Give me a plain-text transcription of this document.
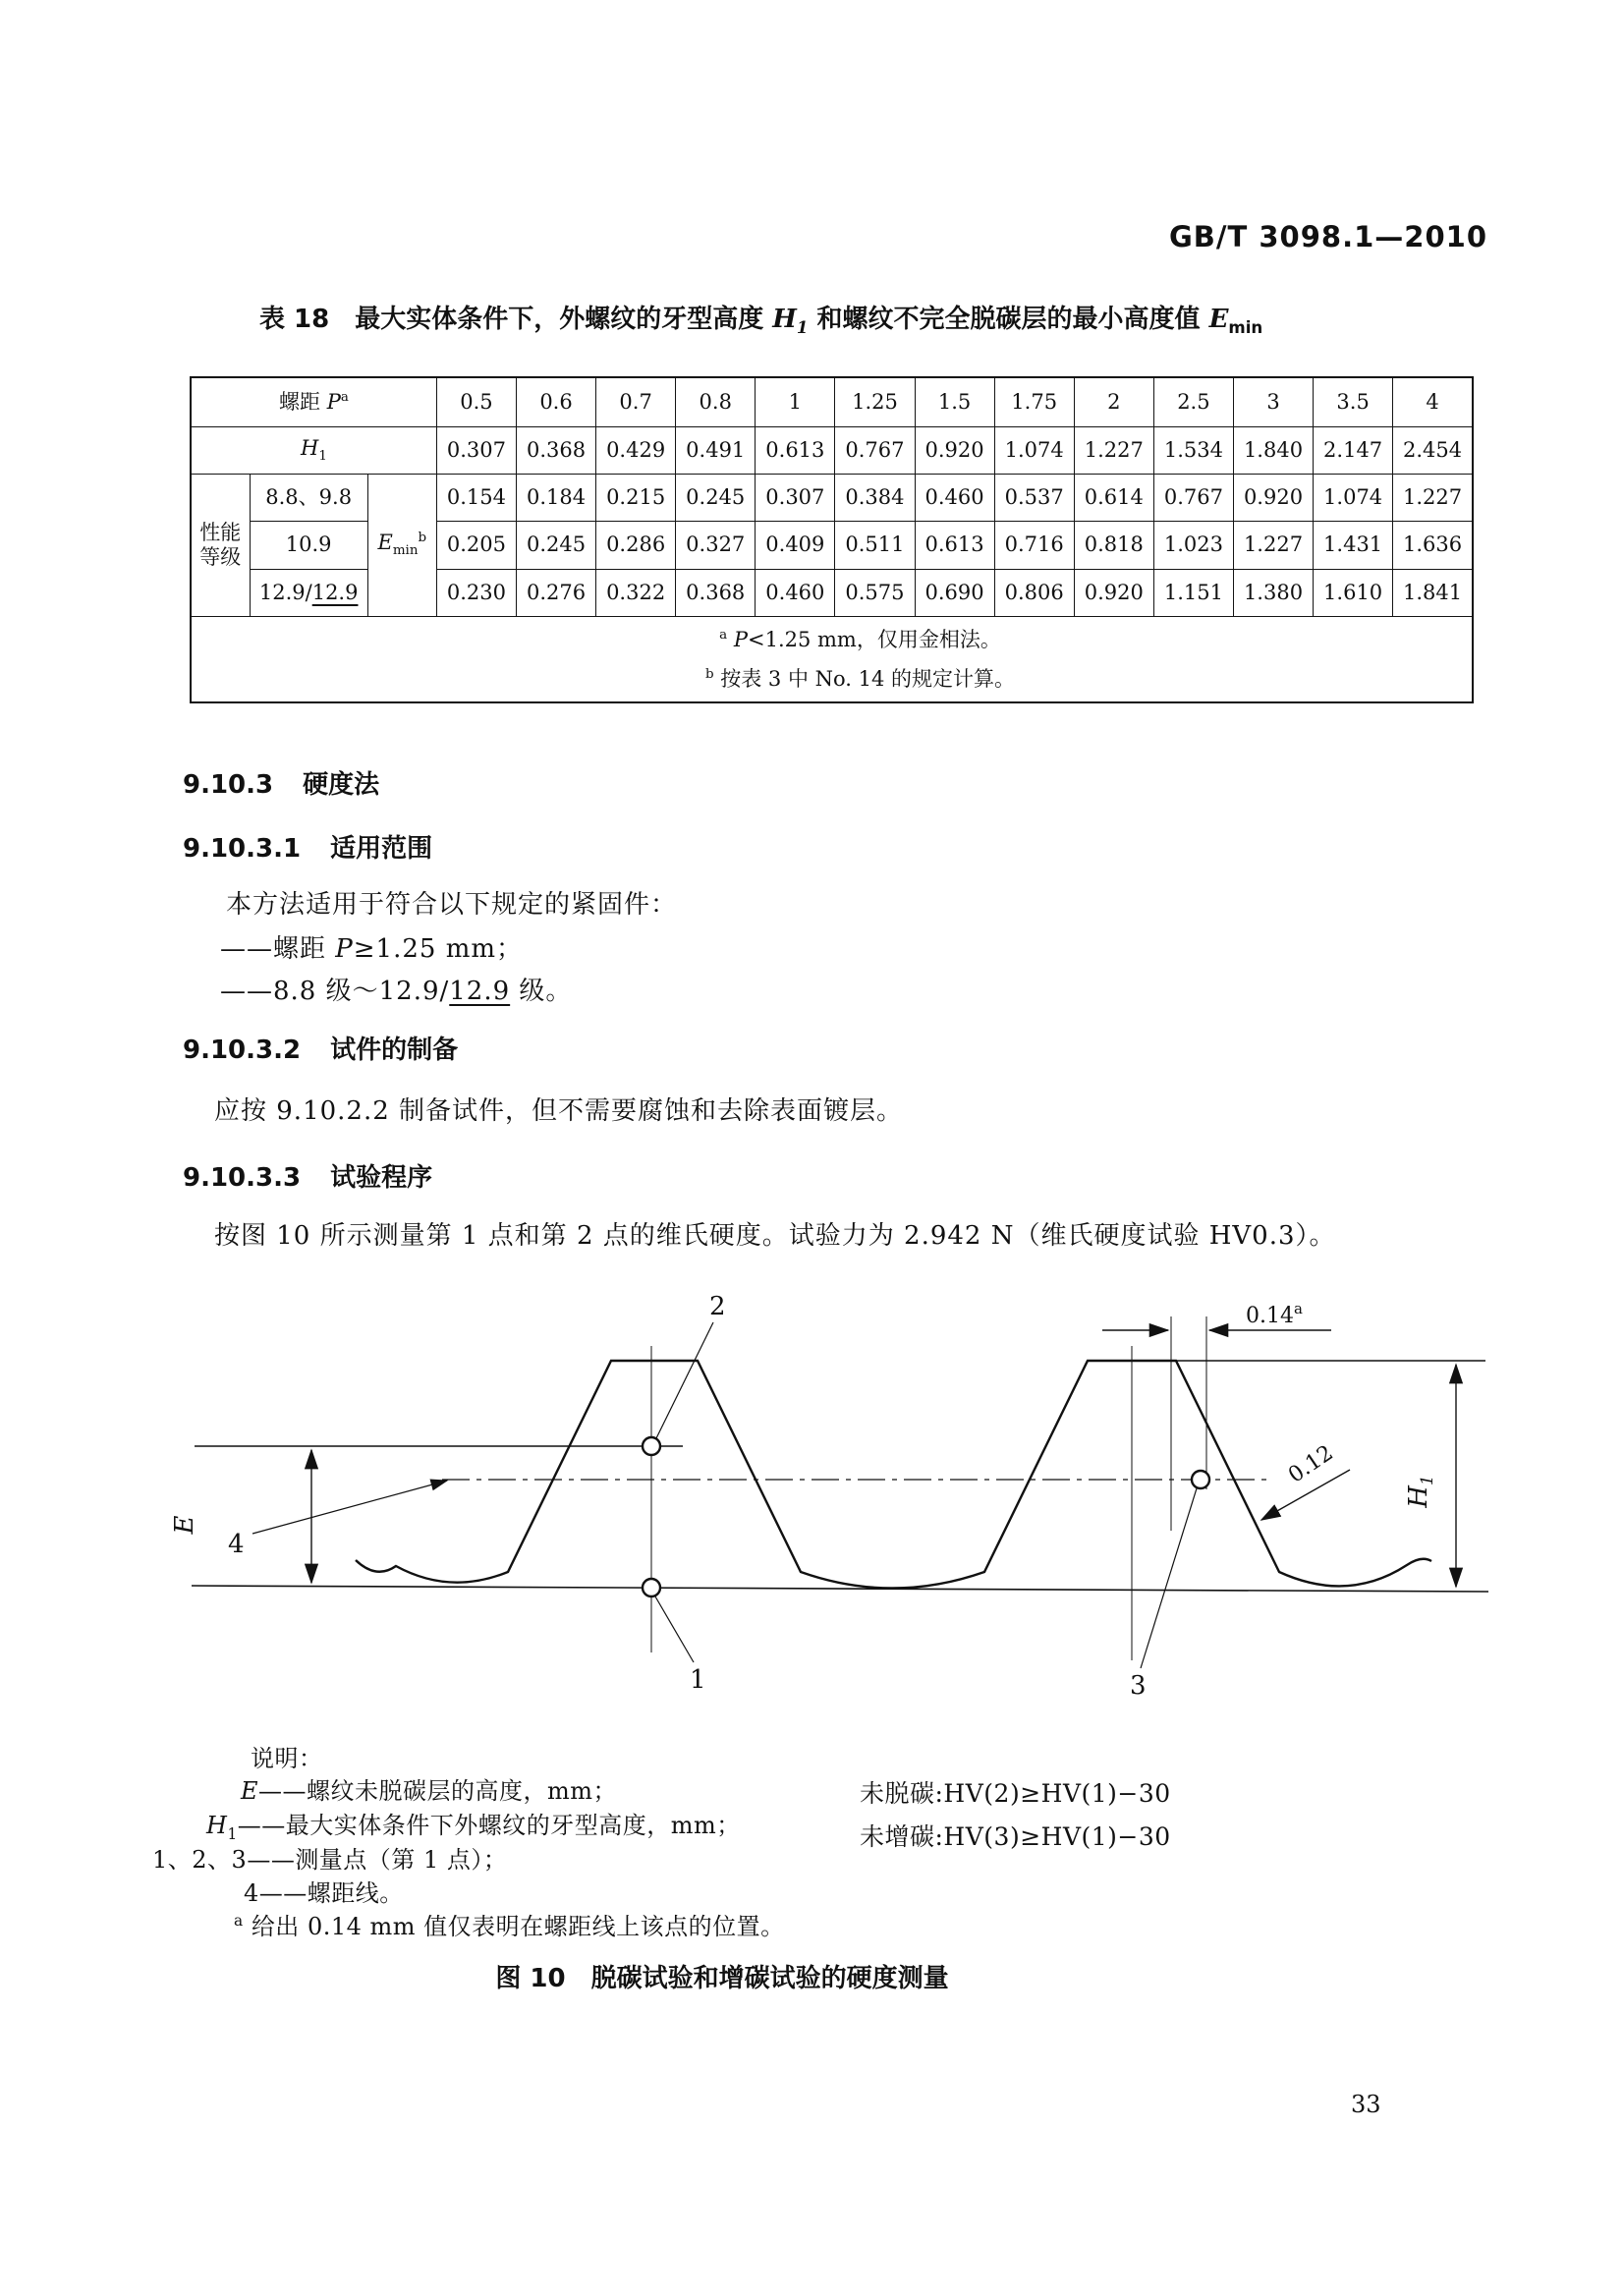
GB/T 3098.1—2010
表 18 最大实体条件下，外螺纹的牙型高度 $H_1$ 和螺纹不完全脱碳层的最小高度值 $E_{min}$
螺距 $P^a$			0.5	0.6	0.7	0.8	1	1.25	1.5	1.75	2	2.5	3	3.5	4
$H_1$			0.307	0.368	0.429	0.491	0.613	0.767	0.920	1.074	1.227	1.534	1.840	2.147	2.454

性能
等级	8.8、9.8	$E_{min}^b$	0.154	0.184	0.215	0.245	0.307	0.384	0.460	0.537	0.614	0.767	0.920	1.074	1.227
	10.9		0.205	0.245	0.286	0.327	0.409	0.511	0.613	0.716	0.818	1.023	1.227	1.431	1.636
	12.9/12.9		0.230	0.276	0.322	0.368	0.460	0.575	0.690	0.806	0.920	1.151	1.380	1.610	1.841

$^a$ P<1.25 mm，仅用金相法。
$^b$ 按表 3 中 No. 14 的规定计算。															
9.10.3 硬度法
9.10.3.1 适用范围
本方法适用于符合以下规定的紧固件：
——螺距 P≥1.25 mm；
——8.8 级～12.9/12.9 级。
9.10.3.2 试件的制备
应按 9.10.2.2 制备试件，但不需要腐蚀和去除表面镀层。
9.10.3.3 试验程序
按图 10 所示测量第 1 点和第 2 点的维氏硬度。试验力为 2.942 N（维氏硬度试验 HV0.3）。
0.14$^a$
E
$H_1$
0.12
2
1	3
4
说明：
E——螺纹未脱碳层的高度，mm；
$H_1——$最大实体条件下外螺纹的牙型高度，mm；
1、2、3——测量点（第 1 点）；
4——螺距线。
$^a$ 给出 0.14 mm 值仅表明在螺距线上该点的位置。
未脱碳:HV(2)≥HV(1)−30
未增碳:HV(3)≥HV(1)−30
图 10　脱碳试验和增碳试验的硬度测量
33
